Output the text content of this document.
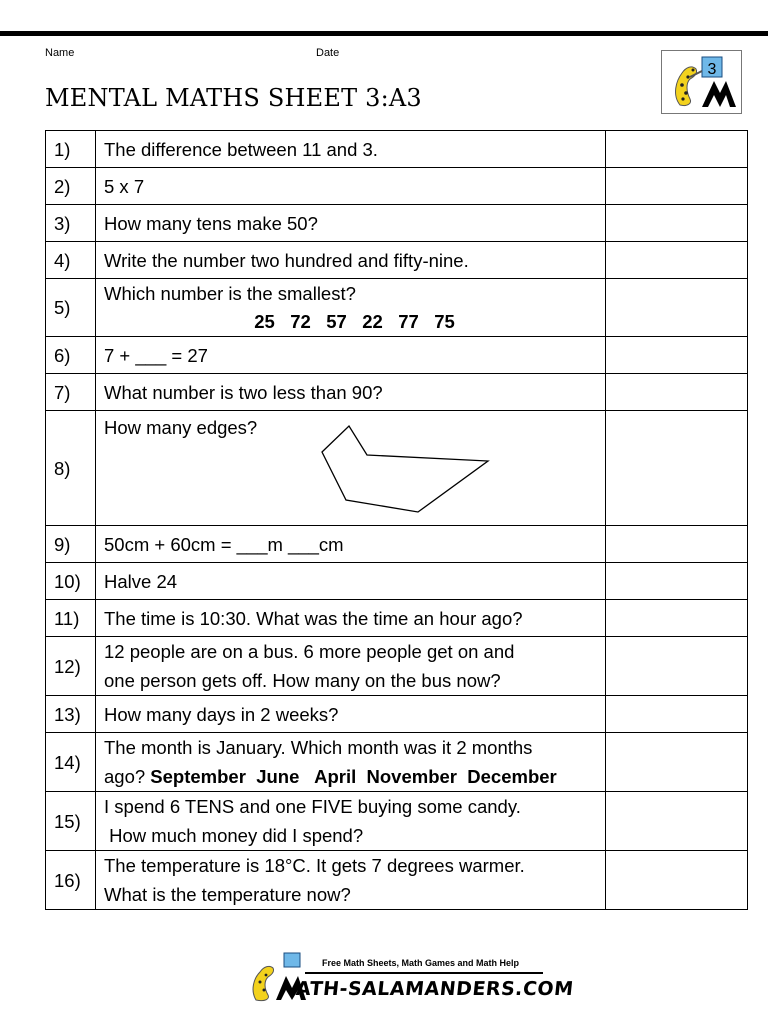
Name	Date
MENTAL MATHS SHEET 3:A3
3
1)	The difference between 11 and 3.	
2)	5 x 7	
3)	How many tens make 50?	
4)	Write the number two hundred and fifty-nine.	
5)	Which number is the smallest?
25   72   57   22   77   75	

6)	7 + ___ = 27	
7)	What number is two less than 90?	
8)	How many edges?	

9)	50cm + 60cm = ___m ___cm	
10)	Halve 24	
11)	The time is 10:30. What was the time an hour ago?	
12)	12 people are on a bus. 6 more people get on and
one person gets off. How many on the bus now?	

13)	How many days in 2 weeks?	
14)	The month is January. Which month was it 2 months
ago? September  June   April  November  December	

15)	I spend 6 TENS and one FIVE buying some candy.
How much money did I spend?	

16)	The temperature is 18°C. It gets 7 degrees warmer.
What is the temperature now?	

Free Math Sheets, Math Games and Math Help
ATH-SALAMANDERS.COM
